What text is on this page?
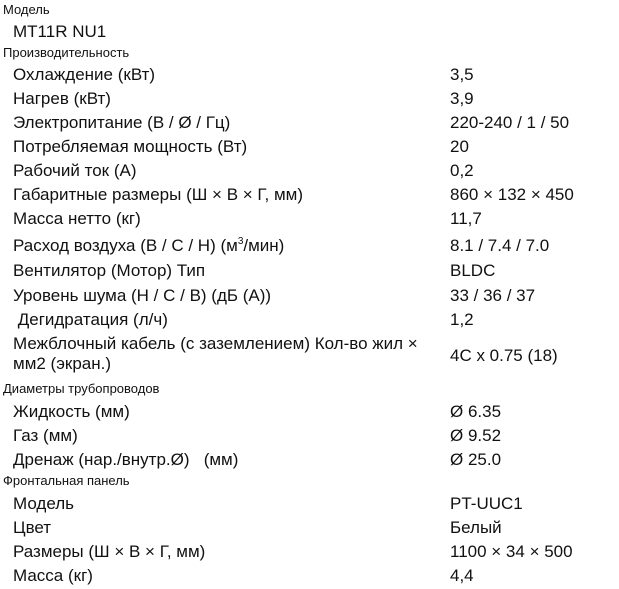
Модель
MT11R NU1
Производительность
Охлаждение (кВт)	3,5
Нагрев (кВт)	3,9
Электропитание (В / Ø / Гц)	220-240 / 1 / 50
Потребляемая мощность (Вт)	20
Рабочий ток (А)	0,2
Габаритные размеры (Ш × В × Г, мм)	860 × 132 × 450
Масса нетто (кг)	11,7
Расход воздуха (В / С / Н) $(м^3/мин)$	8.1 / 7.4 / 7.0
Вентилятор (Мотор) Тип	BLDC
Уровень шума (Н / С / В) (дБ (А))	33 / 36 / 37
Дегидратация (л/ч)	1,2
Межблочный кабель (с заземлением) Кол-во жил × мм2 (экран.)	4C x 0.75 (18)
Диаметры трубопроводов
Жидкость (мм)	Ø 6.35
Газ (мм)	Ø 9.52
Дренаж (нар./внутр.Ø)   (мм)	Ø 25.0
Фронтальная панель
Модель	PT-UUC1
Цвет	Белый
Размеры (Ш × В × Г, мм)	1100 × 34 × 500
Масса (кг)	4,4
